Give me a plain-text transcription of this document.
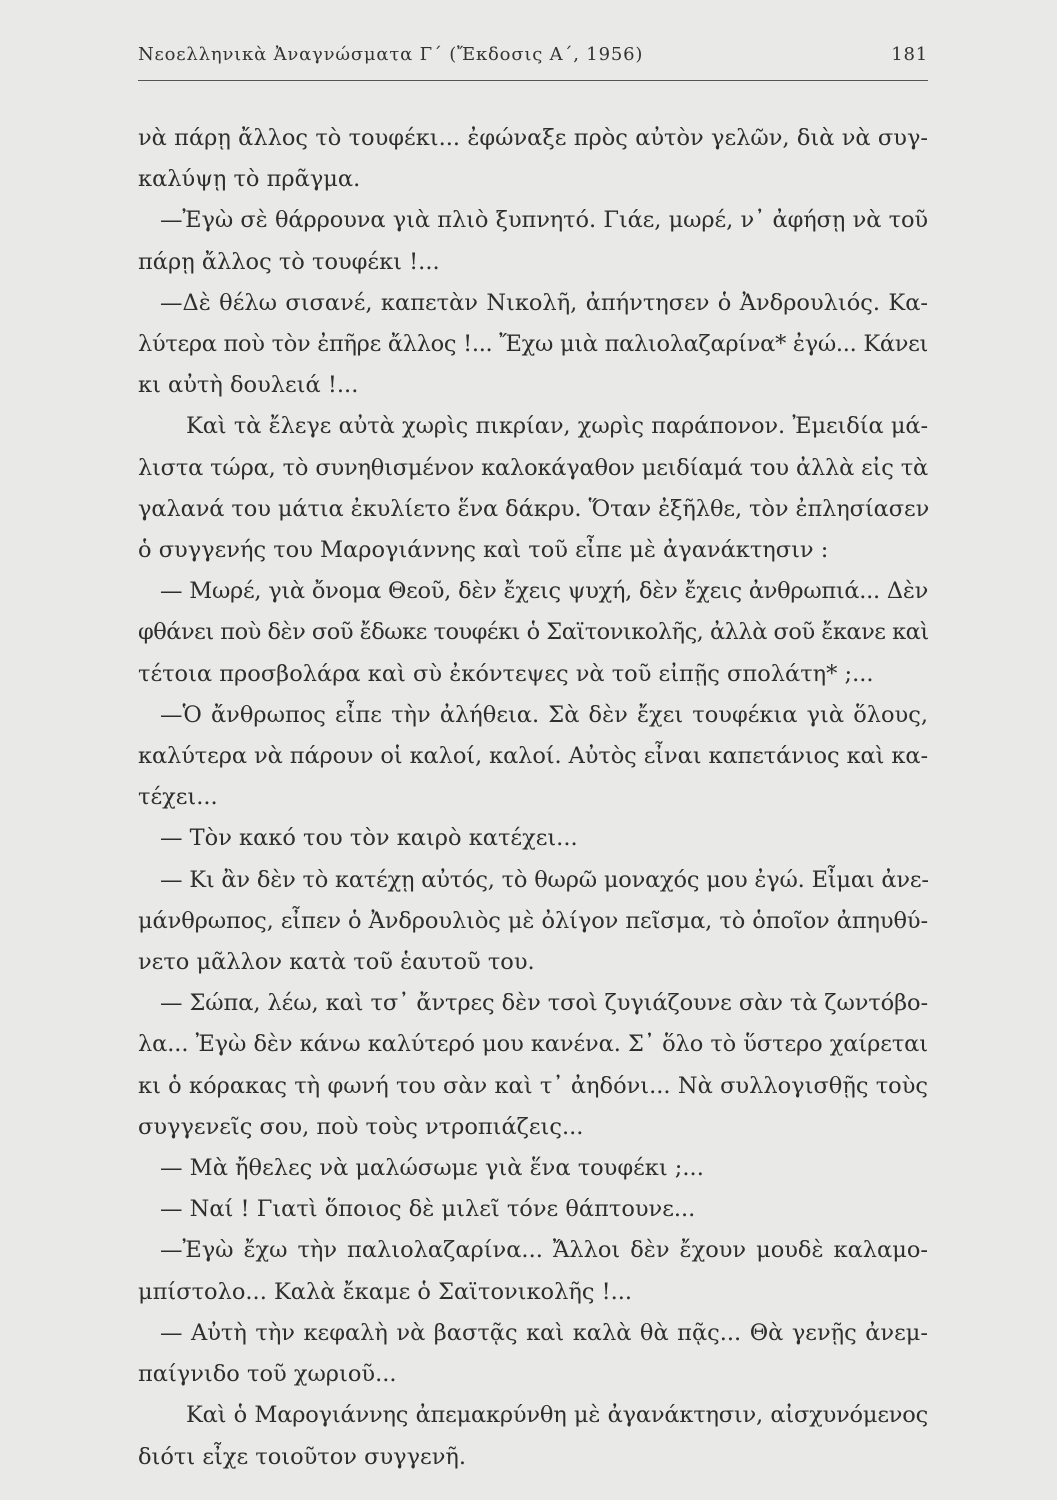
Νεοελληνικὰ Ἀναγνώσματα Γ΄ (Ἔκδοσις Α΄, 1956)	181
νὰ πάρῃ ἄλλος τὸ τουφέκι... ἐφώναξε πρὸς αὐτὸν γελῶν, διὰ νὰ συγ-
καλύψῃ τὸ πρᾶγμα.
—Ἐγὼ σὲ θάρρουνα γιὰ πλιὸ ξυπνητό. Γιάε, μωρέ, ν᾿ ἀφήσῃ νὰ τοῦ
πάρῃ ἄλλος τὸ τουφέκι !...
—Δὲ θέλω σισανέ, καπετὰν Νικολῆ, ἀπήντησεν ὁ Ἀνδρουλιός. Κα-
λύτερα ποὺ τὸν ἐπῆρε ἄλλος !... Ἔχω μιὰ παλιολαζαρίνα* ἐγώ... Κάνει
κι αὐτὴ δουλειά !...
Καὶ τὰ ἔλεγε αὐτὰ χωρὶς πικρίαν, χωρὶς παράπονον. Ἐμειδία μά-
λιστα τώρα, τὸ συνηθισμένον καλοκάγαθον μειδίαμά του ἀλλὰ εἰς τὰ
γαλανά του μάτια ἐκυλίετο ἕνα δάκρυ. Ὅταν ἐξῆλθε, τὸν ἐπλησίασεν
ὁ συγγενής του Μαρογιάννης καὶ τοῦ εἶπε μὲ ἀγανάκτησιν :
— Μωρέ, γιὰ ὄνομα Θεοῦ, δὲν ἔχεις ψυχή, δὲν ἔχεις ἀνθρωπιά... Δὲν
φθάνει ποὺ δὲν σοῦ ἔδωκε τουφέκι ὁ Σαϊτονικολῆς, ἀλλὰ σοῦ ἔκανε καὶ
τέτοια προσβολάρα καὶ σὺ ἐκόντεψες νὰ τοῦ εἰπῇς σπολάτη* ;...
—Ὁ ἄνθρωπος εἶπε τὴν ἀλήθεια. Σὰ δὲν ἔχει τουφέκια γιὰ ὅλους,
καλύτερα νὰ πάρουν οἱ καλοί, καλοί. Αὐτὸς εἶναι καπετάνιος καὶ κα-
τέχει...
— Τὸν κακό του τὸν καιρὸ κατέχει...
— Κι ἂν δὲν τὸ κατέχῃ αὐτός, τὸ θωρῶ μοναχός μου ἐγώ. Εἶμαι ἀνε-
μάνθρωπος, εἶπεν ὁ Ἀνδρουλιὸς μὲ ὀλίγον πεῖσμα, τὸ ὁποῖον ἀπηυθύ-
νετο μᾶλλον κατὰ τοῦ ἑαυτοῦ του.
— Σώπα, λέω, καὶ τσ᾿ ἄντρες δὲν τσοὶ ζυγιάζουνε σὰν τὰ ζωντόβο-
λα... Ἐγὼ δὲν κάνω καλύτερό μου κανένα. Σ᾿ ὅλο τὸ ὕστερο χαίρεται
κι ὁ κόρακας τὴ φωνή του σὰν καὶ τ᾿ ἀηδόνι... Νὰ συλλογισθῇς τοὺς
συγγενεῖς σου, ποὺ τοὺς ντροπιάζεις...
— Μὰ ἤθελες νὰ μαλώσωμε γιὰ ἕνα τουφέκι ;...
— Ναί ! Γιατὶ ὅποιος δὲ μιλεῖ τόνε θάπτουνε...
—Ἐγὼ ἔχω τὴν παλιολαζαρίνα... Ἄλλοι δὲν ἔχουν μουδὲ καλαμο-
μπίστολο... Καλὰ ἔκαμε ὁ Σαϊτονικολῆς !...
— Αὐτὴ τὴν κεφαλὴ νὰ βαστᾷς καὶ καλὰ θὰ πᾷς... Θὰ γενῇς ἀνεμ-
παίγνιδο τοῦ χωριοῦ...
Καὶ ὁ Μαρογιάννης ἀπεμακρύνθη μὲ ἀγανάκτησιν, αἰσχυνόμενος
διότι εἶχε τοιοῦτον συγγενῆ.
